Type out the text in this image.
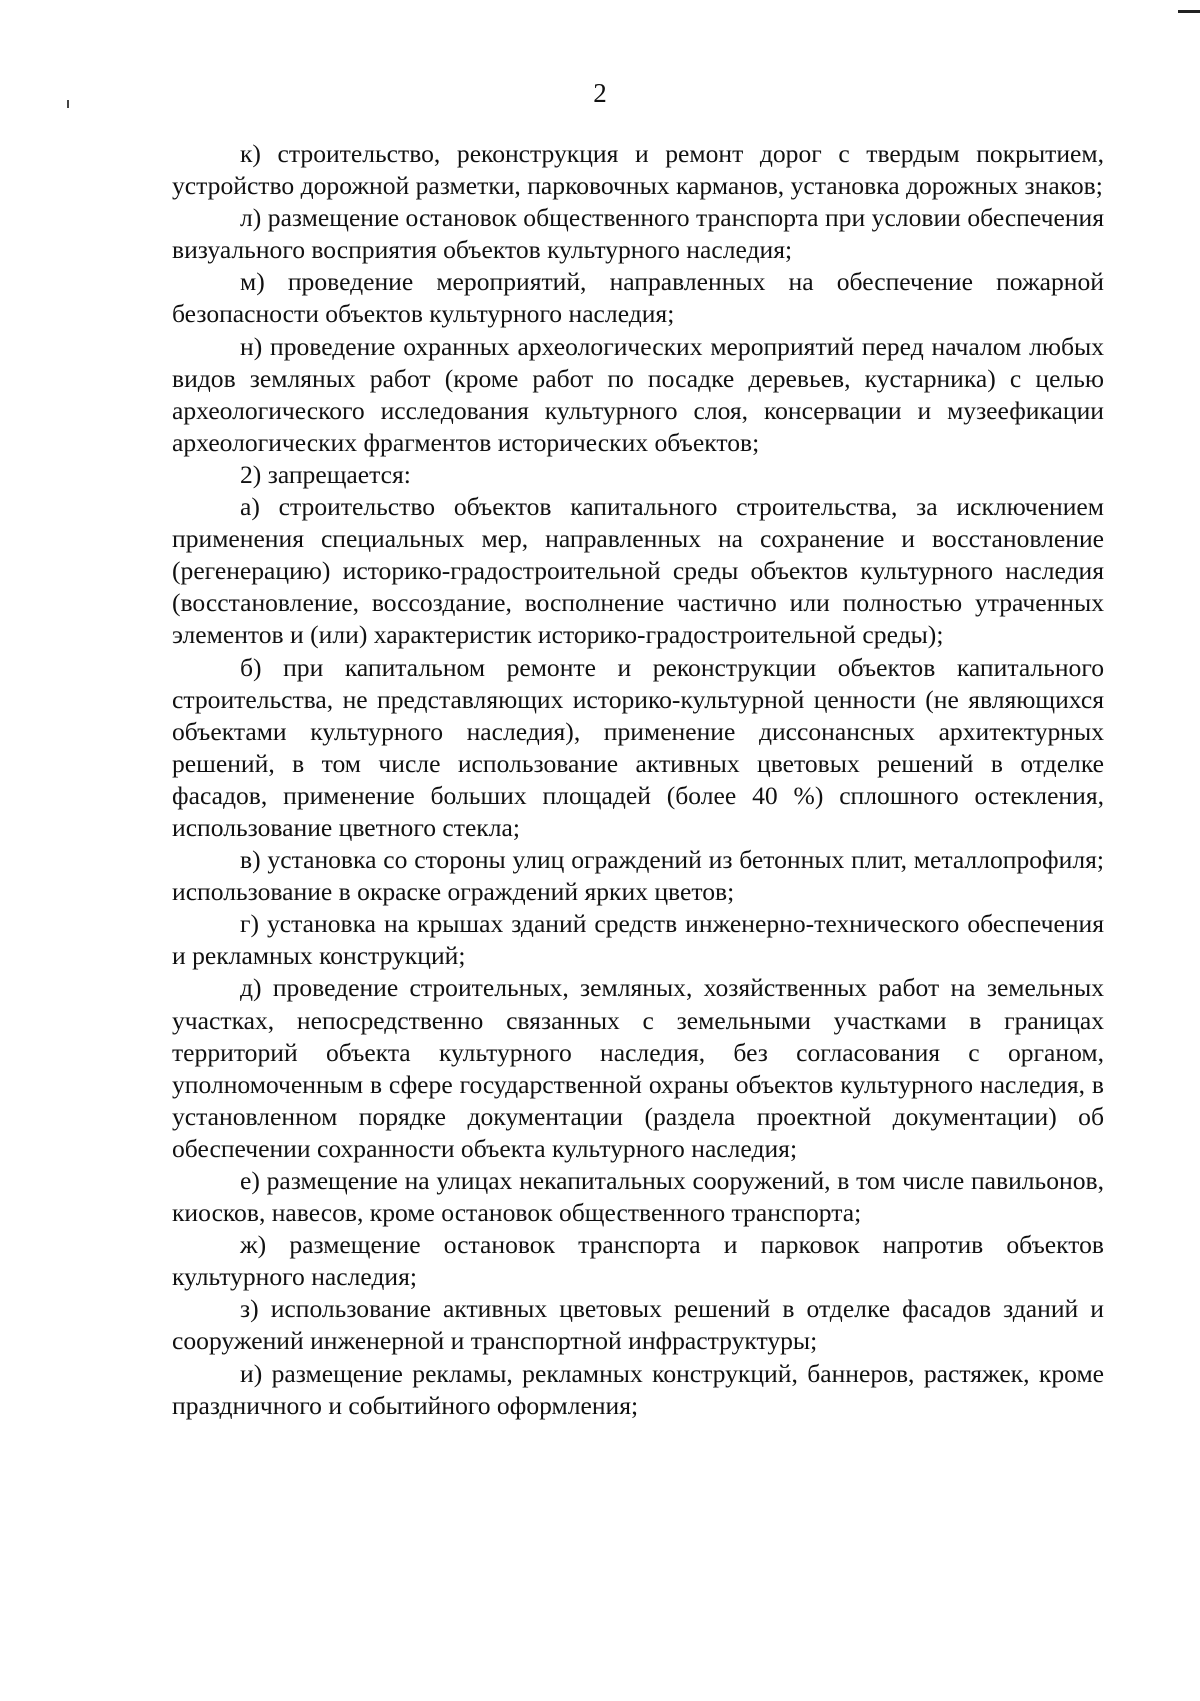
2

к) строительство, реконструкция и ремонт дорог с твердым покрытием, устройство дорожной разметки, парковочных карманов, установка дорожных знаков;

л) размещение остановок общественного транспорта при условии обеспечения визуального восприятия объектов культурного наследия;

м) проведение мероприятий, направленных на обеспечение пожарной безопасности объектов культурного наследия;

н) проведение охранных археологических мероприятий перед началом любых видов земляных работ (кроме работ по посадке деревьев, кустарника) с целью археологического исследования культурного слоя, консервации и музеефикации археологических фрагментов исторических объектов;

2) запрещается:

а) строительство объектов капитального строительства, за исключением применения специальных мер, направленных на сохранение и восстановление (регенерацию) историко-градостроительной среды объектов культурного наследия (восстановление, воссоздание, восполнение частично или полностью утраченных элементов и (или) характеристик историко-градостроительной среды);

б) при капитальном ремонте и реконструкции объектов капитального строительства, не представляющих историко-культурной ценности (не являющихся объектами культурного наследия), применение диссонансных архитектурных решений, в том числе использование активных цветовых решений в отделке фасадов, применение больших площадей (более 40 %) сплошного остекления, использование цветного стекла;

в) установка со стороны улиц ограждений из бетонных плит, металлопрофиля; использование в окраске ограждений ярких цветов;

г) установка на крышах зданий средств инженерно-технического обеспечения и рекламных конструкций;

д) проведение строительных, земляных, хозяйственных работ на земельных участках, непосредственно связанных с земельными участками в границах территорий объекта культурного наследия, без согласования с органом, уполномоченным в сфере государственной охраны объектов культурного наследия, в установленном порядке документации (раздела проектной документации) об обеспечении сохранности объекта культурного наследия;

е) размещение на улицах некапитальных сооружений, в том числе павильонов, киосков, навесов, кроме остановок общественного транспорта;

ж) размещение остановок транспорта и парковок напротив объектов культурного наследия;

з) использование активных цветовых решений в отделке фасадов зданий и сооружений инженерной и транспортной инфраструктуры;

и) размещение рекламы, рекламных конструкций, баннеров, растяжек, кроме праздничного и событийного оформления;
